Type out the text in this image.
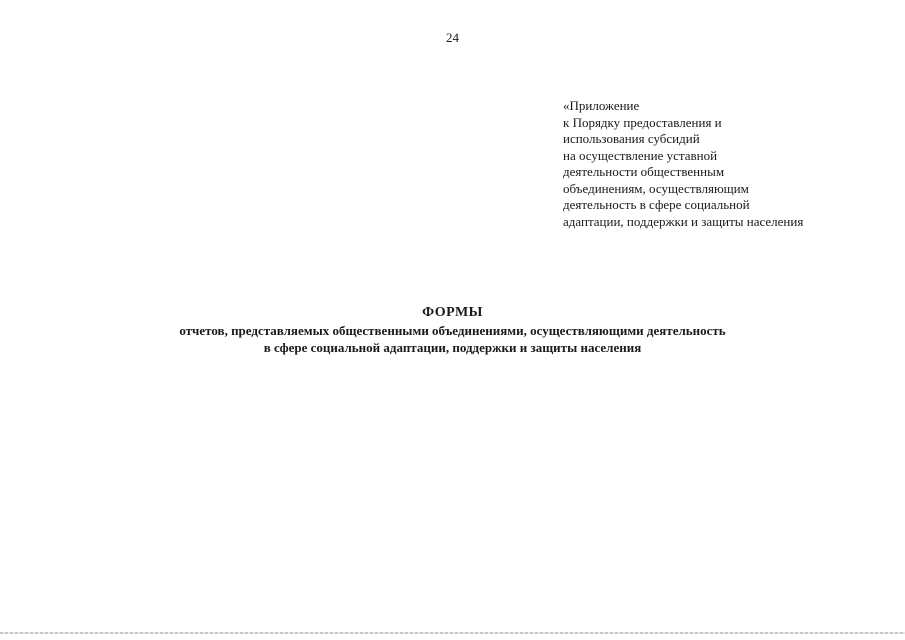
24
«Приложение
к Порядку предоставления и
использования субсидий
на осуществление уставной
деятельности общественным
объединениям, осуществляющим
деятельность в сфере социальной
адаптации, поддержки и защиты населения
ФОРМЫ
отчетов, представляемых общественными объединениями, осуществляющими деятельность
в сфере социальной адаптации, поддержки и защиты населения
